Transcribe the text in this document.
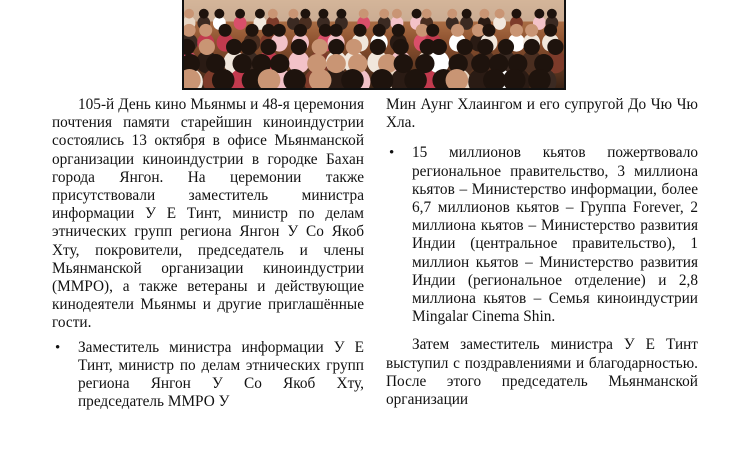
105-й День кино Мьянмы и 48-я церемония почтения памяти старейшин киноиндустрии состоялись 13 октября в офисе Мьянманской организации киноиндустрии в городке Бахан города Янгон. На церемонии также присутствовали заместитель министра информации У Е Тинт, министр по делам этнических групп региона Янгон У Со Якоб Хту, покровители, председатель и члены Мьянманской организации киноиндустрии (ММРО), а также ветераны и действующие кинодеятели Мьянмы и другие приглашённые гости.

• Заместитель министра информации У Е Тинт, министр по делам этнических групп региона Янгон У Со Якоб Хту, председатель ММРО У

Мин Аунг Хлаингом и его супругой До Чю Чю Хла.

• 15 миллионов кьятов пожертвовало региональное правительство, 3 миллиона кьятов – Министерство информации, более 6,7 миллионов кьятов – Группа Forever, 2 миллиона кьятов – Министерство развития Индии (центральное правительство), 1 миллион кьятов – Министерство развития Индии (региональное отделение) и 2,8 миллиона кьятов – Семья киноиндустрии Mingalar Cinema Shin.

Затем заместитель министра У Е Тинт выступил с поздравлениями и благодарностью. После этого председатель Мьянманской организации
